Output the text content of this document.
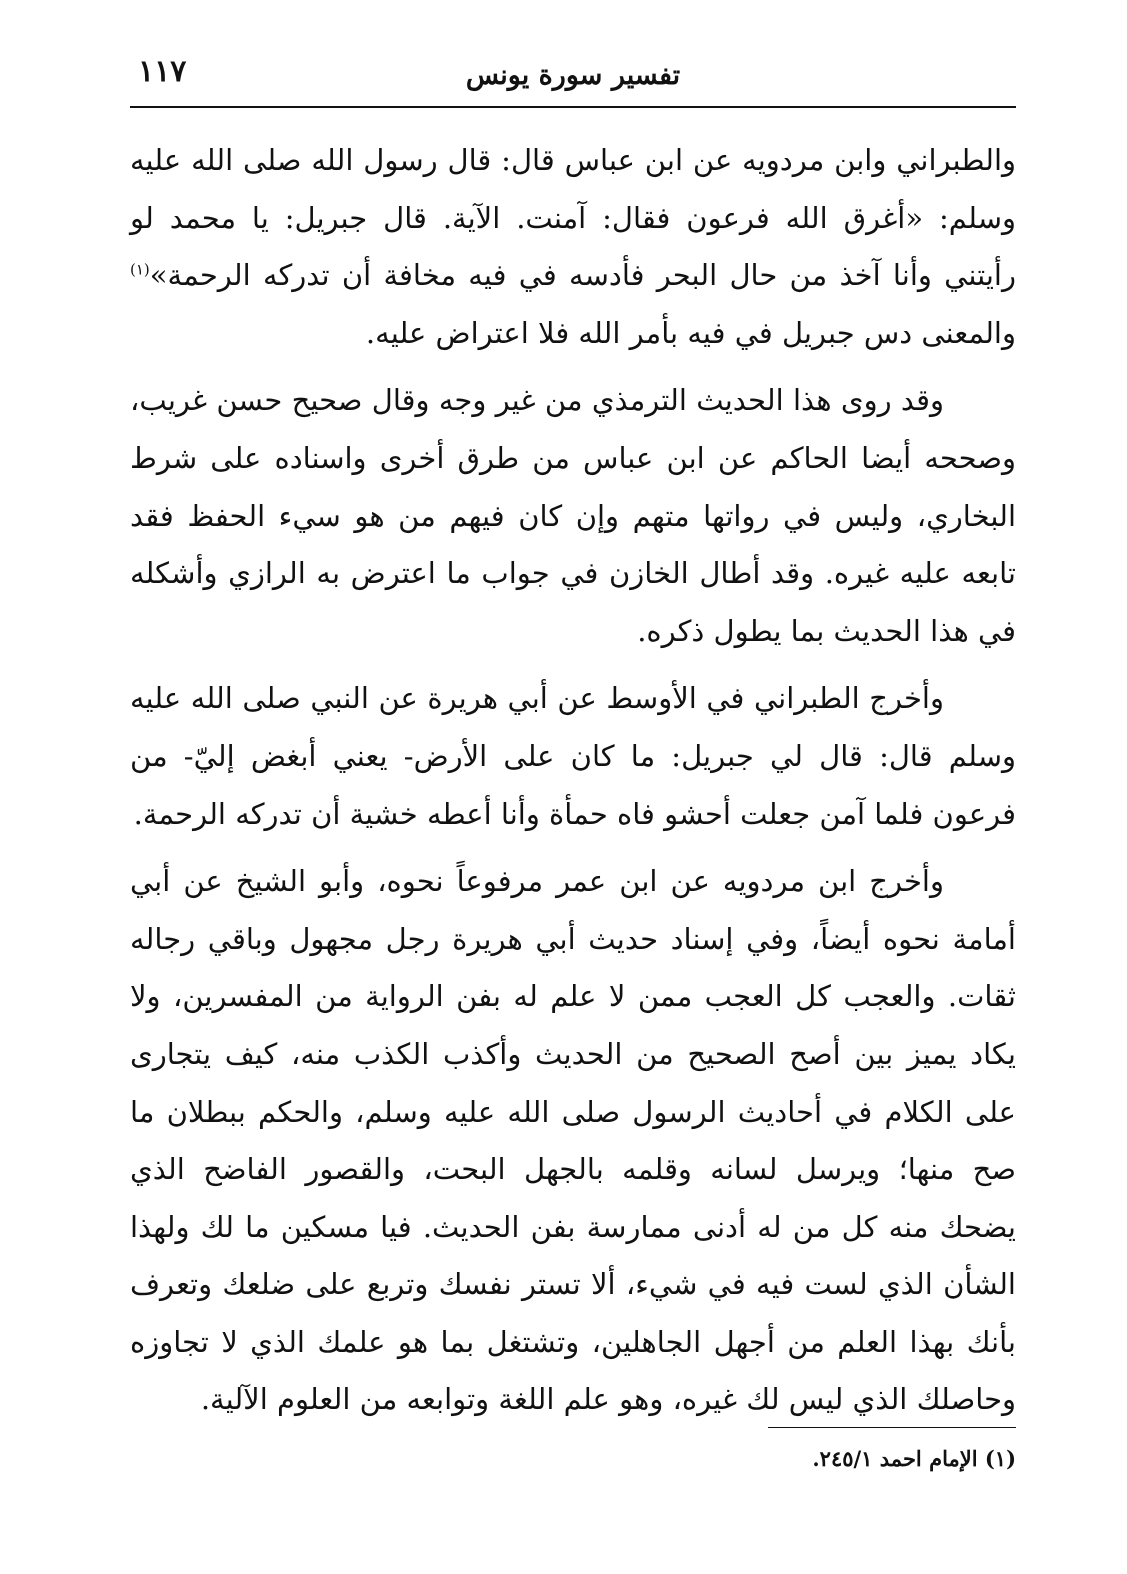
١١٧	تفسير سورة يونس

والطبراني وابن مردويه عن ابن عباس قال: قال رسول الله صلى الله عليه وسلم: «أغرق الله فرعون فقال: آمنت. الآية. قال جبريل: يا محمد لو رأيتني وأنا آخذ من حال البحر فأدسه في فيه مخافة أن تدركه الرحمة»$^{(١)}$ والمعنى دس جبريل في فيه بأمر الله فلا اعتراض عليه.

وقد روى هذا الحديث الترمذي من غير وجه وقال صحيح حسن غريب، وصححه أيضا الحاكم عن ابن عباس من طرق أخرى واسناده على شرط البخاري، وليس في رواتها متهم وإن كان فيهم من هو سيء الحفظ فقد تابعه عليه غيره. وقد أطال الخازن في جواب ما اعترض به الرازي وأشكله في هذا الحديث بما يطول ذكره.

وأخرج الطبراني في الأوسط عن أبي هريرة عن النبي صلى الله عليه وسلم قال: قال لي جبريل: ما كان على الأرض- يعني أبغض إليّ- من فرعون فلما آمن جعلت أحشو فاه حمأة وأنا أعطه خشية أن تدركه الرحمة.

وأخرج ابن مردويه عن ابن عمر مرفوعاً نحوه، وأبو الشيخ عن أبي أمامة نحوه أيضاً، وفي إسناد حديث أبي هريرة رجل مجهول وباقي رجاله ثقات. والعجب كل العجب ممن لا علم له بفن الرواية من المفسرين، ولا يكاد يميز بين أصح الصحيح من الحديث وأكذب الكذب منه، كيف يتجارى على الكلام في أحاديث الرسول صلى الله عليه وسلم، والحكم ببطلان ما صح منها؛ ويرسل لسانه وقلمه بالجهل البحت، والقصور الفاضح الذي يضحك منه كل من له أدنى ممارسة بفن الحديث. فيا مسكين ما لك ولهذا الشأن الذي لست فيه في شيء، ألا تستر نفسك وتربع على ضلعك وتعرف بأنك بهذا العلم من أجهل الجاهلين، وتشتغل بما هو علمك الذي لا تجاوزه وحاصلك الذي ليس لك غيره، وهو علم اللغة وتوابعه من العلوم الآلية.

(١) الإمام احمد ٢٤٥/١.
